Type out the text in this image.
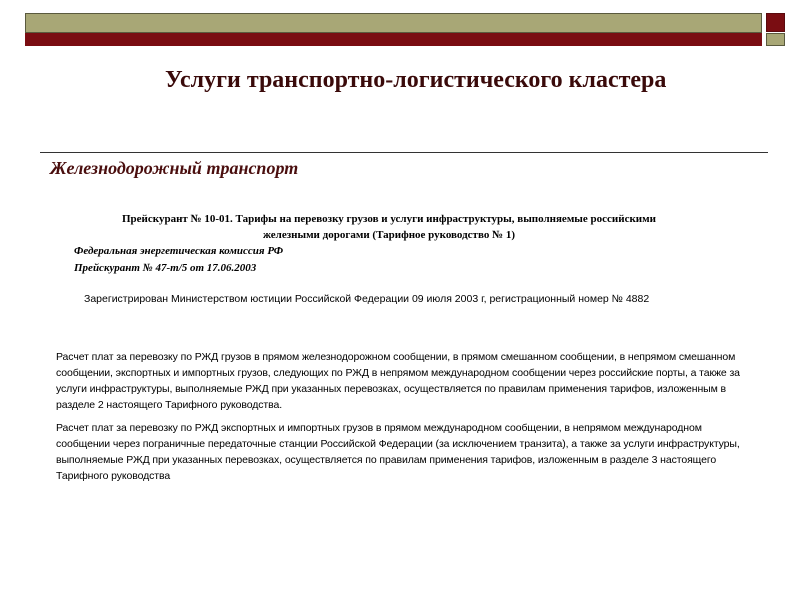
Услуги транспортно-логистического кластера
Железнодорожный транспорт
Прейскурант № 10-01. Тарифы на перевозку грузов и услуги инфраструктуры, выполняемые российскими железными дорогами (Тарифное руководство № 1)
Федеральная энергетическая комиссия РФ
Прейскурант № 47-т/5 от 17.06.2003
Зарегистрирован Министерством юстиции Российской Федерации 09 июля 2003 г, регистрационный номер № 4882
Расчет плат за перевозку по РЖД грузов в прямом железнодорожном сообщении, в прямом смешанном сообщении, в непрямом смешанном сообщении, экспортных и импортных грузов, следующих по РЖД в непрямом международном сообщении через российские порты, а также за услуги инфраструктуры, выполняемые РЖД при указанных перевозках, осуществляется по правилам применения тарифов, изложенным в разделе 2 настоящего Тарифного руководства.
Расчет плат за перевозку по РЖД экспортных и импортных грузов в прямом международном сообщении, в непрямом международном сообщении через пограничные передаточные станции Российской Федерации (за исключением транзита), а также за услуги инфраструктуры, выполняемые РЖД при указанных перевозках, осуществляется по правилам применения тарифов, изложенным в разделе 3 настоящего Тарифного руководства
